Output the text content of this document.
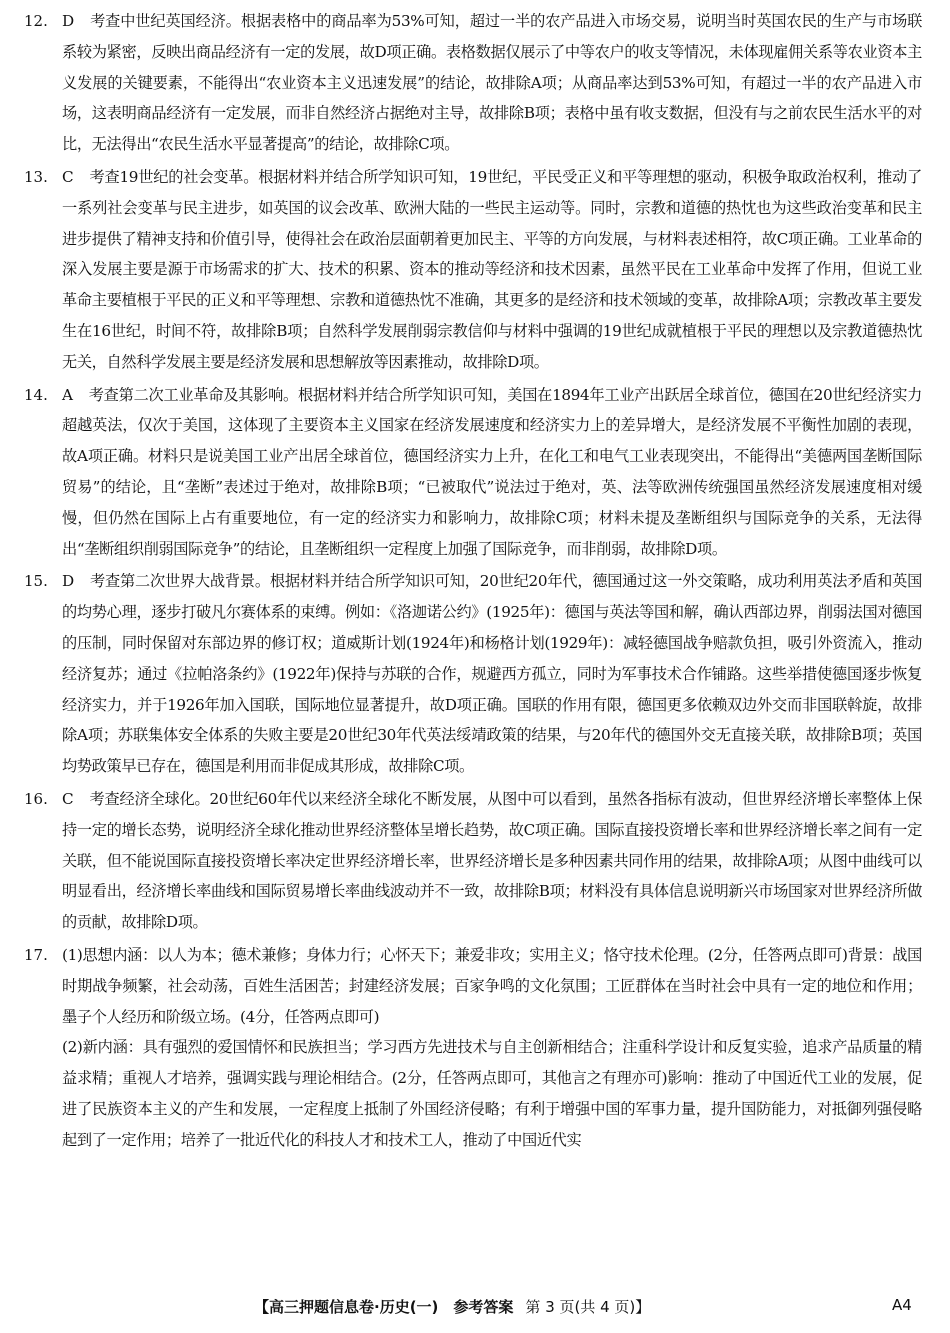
12. D 考查中世纪英国经济。根据表格中的商品率为53%可知，超过一半的农产品进入市场交易，说明当时英国农民的生产与市场联系较为紧密，反映出商品经济有一定的发展，故D项正确。表格数据仅展示了中等农户的收支等情况，未体现雇佣关系等农业资本主义发展的关键要素，不能得出“农业资本主义迅速发展”的结论，故排除A项；从商品率达到53%可知，有超过一半的农产品进入市场，这表明商品经济有一定发展，而非自然经济占据绝对主导，故排除B项；表格中虽有收支数据，但没有与之前农民生活水平的对比，无法得出“农民生活水平显著提高”的结论，故排除C项。

13. C 考查19世纪的社会变革。根据材料并结合所学知识可知，19世纪，平民受正义和平等理想的驱动，积极争取政治权利，推动了一系列社会变革与民主进步，如英国的议会改革、欧洲大陆的一些民主运动等。同时，宗教和道德的热忱也为这些政治变革和民主进步提供了精神支持和价值引导，使得社会在政治层面朝着更加民主、平等的方向发展，与材料表述相符，故C项正确。工业革命的深入发展主要是源于市场需求的扩大、技术的积累、资本的推动等经济和技术因素，虽然平民在工业革命中发挥了作用，但说工业革命主要植根于平民的正义和平等理想、宗教和道德热忱不准确，其更多的是经济和技术领域的变革，故排除A项；宗教改革主要发生在16世纪，时间不符，故排除B项；自然科学发展削弱宗教信仰与材料中强调的19世纪成就植根于平民的理想以及宗教道德热忱无关，自然科学发展主要是经济发展和思想解放等因素推动，故排除D项。

14. A 考查第二次工业革命及其影响。根据材料并结合所学知识可知，美国在1894年工业产出跃居全球首位，德国在20世纪经济实力超越英法，仅次于美国，这体现了主要资本主义国家在经济发展速度和经济实力上的差异增大，是经济发展不平衡性加剧的表现，故A项正确。材料只是说美国工业产出居全球首位，德国经济实力上升，在化工和电气工业表现突出，不能得出“美德两国垄断国际贸易”的结论，且“垄断”表述过于绝对，故排除B项；“已被取代”说法过于绝对，英、法等欧洲传统强国虽然经济发展速度相对缓慢，但仍然在国际上占有重要地位，有一定的经济实力和影响力，故排除C项；材料未提及垄断组织与国际竞争的关系，无法得出“垄断组织削弱国际竞争”的结论，且垄断组织一定程度上加强了国际竞争，而非削弱，故排除D项。

15. D 考查第二次世界大战背景。根据材料并结合所学知识可知，20世纪20年代，德国通过这一外交策略，成功利用英法矛盾和英国的均势心理，逐步打破凡尔赛体系的束缚。例如：《洛迦诺公约》(1925年)：德国与英法等国和解，确认西部边界，削弱法国对德国的压制，同时保留对东部边界的修订权；道威斯计划(1924年)和杨格计划(1929年)：减轻德国战争赔款负担，吸引外资流入，推动经济复苏；通过《拉帕洛条约》(1922年)保持与苏联的合作，规避西方孤立，同时为军事技术合作铺路。这些举措使德国逐步恢复经济实力，并于1926年加入国联，国际地位显著提升，故D项正确。国联的作用有限，德国更多依赖双边外交而非国联斡旋，故排除A项；苏联集体安全体系的失败主要是20世纪30年代英法绥靖政策的结果，与20年代的德国外交无直接关联，故排除B项；英国均势政策早已存在，德国是利用而非促成其形成，故排除C项。

16. C 考查经济全球化。20世纪60年代以来经济全球化不断发展，从图中可以看到，虽然各指标有波动，但世界经济增长率整体上保持一定的增长态势，说明经济全球化推动世界经济整体呈增长趋势，故C项正确。国际直接投资增长率和世界经济增长率之间有一定关联，但不能说国际直接投资增长率决定世界经济增长率，世界经济增长是多种因素共同作用的结果，故排除A项；从图中曲线可以明显看出，经济增长率曲线和国际贸易增长率曲线波动并不一致，故排除B项；材料没有具体信息说明新兴市场国家对世界经济所做的贡献，故排除D项。

17. (1)思想内涵：以人为本；德术兼修；身体力行；心怀天下；兼爱非攻；实用主义；恪守技术伦理。(2分，任答两点即可)背景：战国时期战争频繁，社会动荡，百姓生活困苦；封建经济发展；百家争鸣的文化氛围；工匠群体在当时社会中具有一定的地位和作用；墨子个人经历和阶级立场。(4分，任答两点即可)

(2)新内涵：具有强烈的爱国情怀和民族担当；学习西方先进技术与自主创新相结合；注重科学设计和反复实验，追求产品质量的精益求精；重视人才培养，强调实践与理论相结合。(2分，任答两点即可，其他言之有理亦可)影响：推动了中国近代工业的发展，促进了民族资本主义的产生和发展，一定程度上抵制了外国经济侵略；有利于增强中国的军事力量，提升国防能力，对抵御列强侵略起到了一定作用；培养了一批近代化的科技人才和技术工人，推动了中国近代实

【高三押题信息卷·历史(一)　参考答案 第 3 页(共 4 页)】	A4
